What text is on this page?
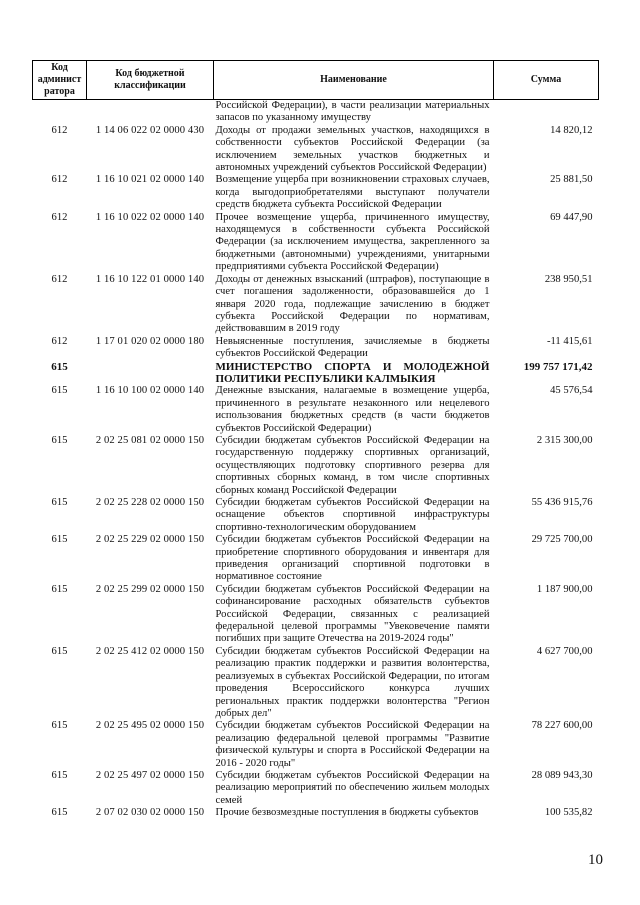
Код админист ратора	Код бюджетной классификации	Наименование	Сумма
		Российской Федерации), в части реализации материальных запасов по указанному имуществу	
612	1 14 06 022 02 0000 430	Доходы от продажи земельных участков, находящихся в собственности субъектов Российской Федерации (за исключением земельных участков бюджетных и автономных учреждений субъектов Российской Федерации)	14 820,12
612	1 16 10 021 02 0000 140	Возмещение ущерба при возникновении страховых случаев, когда выгодоприобретателями выступают получатели средств бюджета субъекта Российской Федерации	25 881,50
612	1 16 10 022 02 0000 140	Прочее возмещение ущерба, причиненного имуществу, находящемуся в собственности субъекта Российской Федерации (за исключением имущества, закрепленного за бюджетными (автономными) учреждениями, унитарными предприятиями субъекта Российской Федерации)	69 447,90
612	1 16 10 122 01 0000 140	Доходы от денежных взысканий (штрафов), поступающие в счет погашения задолженности, образовавшейся до 1 января 2020 года, подлежащие зачислению в бюджет субъекта Российской Федерации по нормативам, действовавшим в 2019 году	238 950,51
612	1 17 01 020 02 0000 180	Невыясненные поступления, зачисляемые в бюджеты субъектов Российской Федерации	-11 415,61
615		МИНИСТЕРСТВО СПОРТА И МОЛОДЕЖНОЙ ПОЛИТИКИ РЕСПУБЛИКИ КАЛМЫКИЯ	199 757 171,42
615	1 16 10 100 02 0000 140	Денежные взыскания, налагаемые в возмещение ущерба, причиненного в результате незаконного или нецелевого использования бюджетных средств (в части бюджетов субъектов Российской Федерации)	45 576,54
615	2 02 25 081 02 0000 150	Субсидии бюджетам субъектов Российской Федерации на государственную поддержку спортивных организаций, осуществляющих подготовку спортивного резерва для спортивных сборных команд, в том числе спортивных сборных команд Российской Федерации	2 315 300,00
615	2 02 25 228 02 0000 150	Субсидии бюджетам субъектов Российской Федерации на оснащение объектов спортивной инфраструктуры спортивно-технологическим оборудованием	55 436 915,76
615	2 02 25 229 02 0000 150	Субсидии бюджетам субъектов Российской Федерации на приобретение спортивного оборудования и инвентаря для приведения организаций спортивной подготовки в нормативное состояние	29 725 700,00
615	2 02 25 299 02 0000 150	Субсидии бюджетам субъектов Российской Федерации на софинансирование расходных обязательств субъектов Российской Федерации, связанных с реализацией федеральной целевой программы "Увековечение памяти погибших при защите Отечества на 2019-2024 годы"	1 187 900,00
615	2 02 25 412 02 0000 150	Субсидии бюджетам субъектов Российской Федерации на реализацию практик поддержки и развития волонтерства, реализуемых в субъектах Российской Федерации, по итогам проведения Всероссийского конкурса лучших региональных практик поддержки волонтерства "Регион добрых дел"	4 627 700,00
615	2 02 25 495 02 0000 150	Субсидии бюджетам субъектов Российской Федерации на реализацию федеральной целевой программы "Развитие физической культуры и спорта в Российской Федерации на 2016 - 2020 годы"	78 227 600,00
615	2 02 25 497 02 0000 150	Субсидии бюджетам субъектов Российской Федерации на реализацию мероприятий по обеспечению жильем молодых семей	28 089 943,30
615	2 07 02 030 02 0000 150	Прочие безвозмездные поступления в бюджеты субъектов	100 535,82
10
